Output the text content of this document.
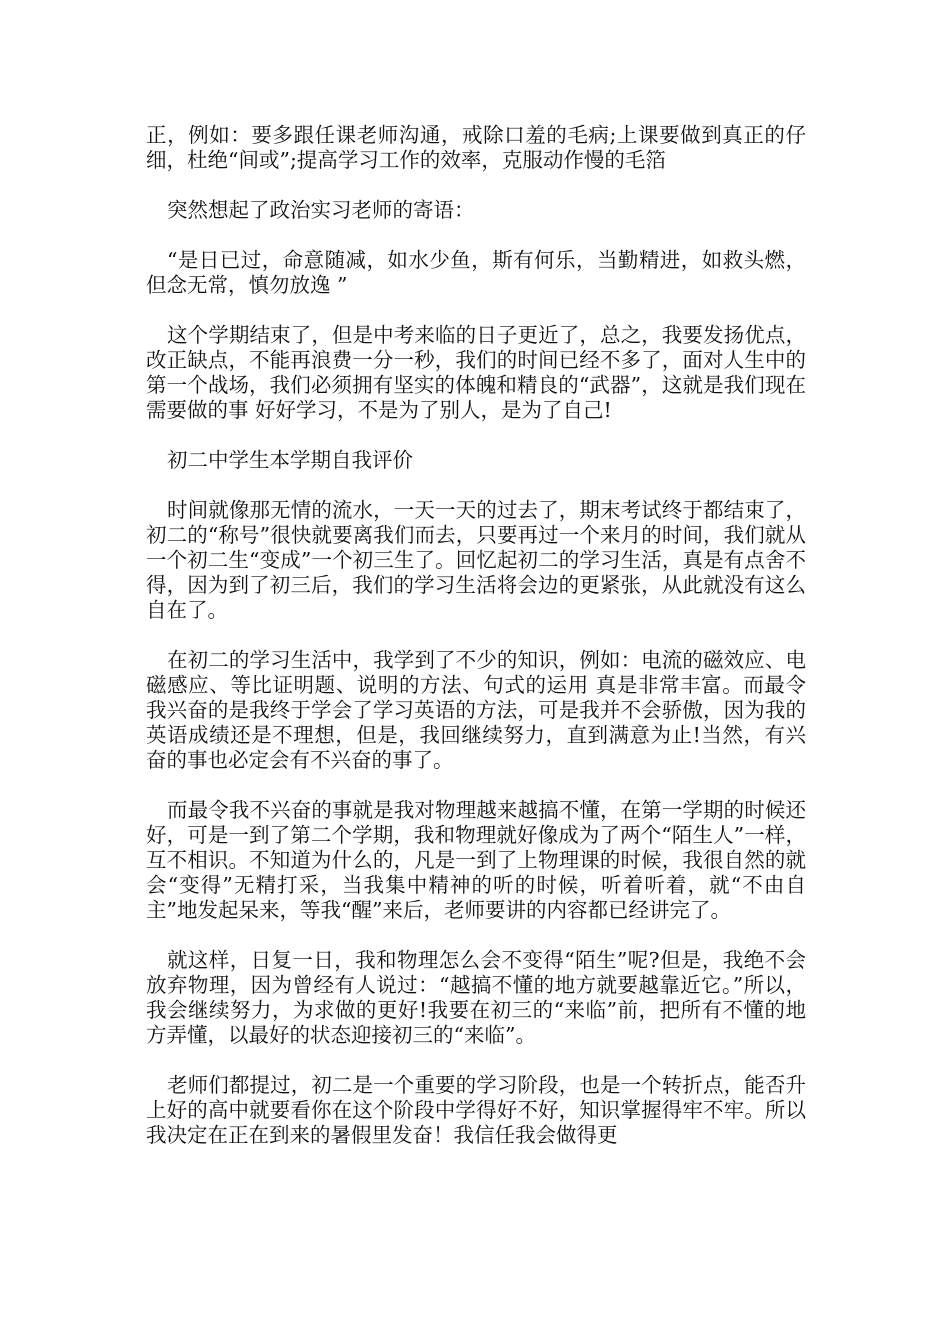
正，例如：要多跟任课老师沟通，戒除口羞的毛病;上课要做到真正的仔细，杜绝“间或”;提高学习工作的效率，克服动作慢的毛箔

突然想起了政治实习老师的寄语：

“是日已过，命意随减，如水少鱼，斯有何乐，当勤精进，如救头燃，但念无常，慎勿放逸 ”

这个学期结束了，但是中考来临的日子更近了，总之，我要发扬优点，改正缺点，不能再浪费一分一秒，我们的时间已经不多了，面对人生中的第一个战场，我们必须拥有坚实的体魄和精良的“武器”，这就是我们现在需要做的事 好好学习，不是为了别人，是为了自己!

初二中学生本学期自我评价

时间就像那无情的流水，一天一天的过去了，期末考试终于都结束了，初二的“称号”很快就要离我们而去，只要再过一个来月的时间，我们就从一个初二生“变成”一个初三生了。回忆起初二的学习生活，真是有点舍不得，因为到了初三后，我们的学习生活将会边的更紧张，从此就没有这么自在了。

在初二的学习生活中，我学到了不少的知识，例如：电流的磁效应、电磁感应、等比证明题、说明的方法、句式的运用 真是非常丰富。而最令我兴奋的是我终于学会了学习英语的方法，可是我并不会骄傲，因为我的英语成绩还是不理想，但是，我回继续努力，直到满意为止!当然，有兴奋的事也必定会有不兴奋的事了。

而最令我不兴奋的事就是我对物理越来越搞不懂，在第一学期的时候还好，可是一到了第二个学期，我和物理就好像成为了两个“陌生人”一样，互不相识。不知道为什么的，凡是一到了上物理课的时候，我很自然的就会“变得”无精打采，当我集中精神的听的时候，听着听着，就“不由自主”地发起呆来，等我“醒”来后，老师要讲的内容都已经讲完了。

就这样，日复一日，我和物理怎么会不变得“陌生”呢?但是，我绝不会放弃物理，因为曾经有人说过：“越搞不懂的地方就要越靠近它。”所以，我会继续努力，为求做的更好!我要在初三的“来临”前，把所有不懂的地方弄懂，以最好的状态迎接初三的“来临”。

老师们都提过，初二是一个重要的学习阶段，也是一个转折点，能否升上好的高中就要看你在这个阶段中学得好不好，知识掌握得牢不牢。所以我决定在正在到来的暑假里发奋！我信任我会做得更
